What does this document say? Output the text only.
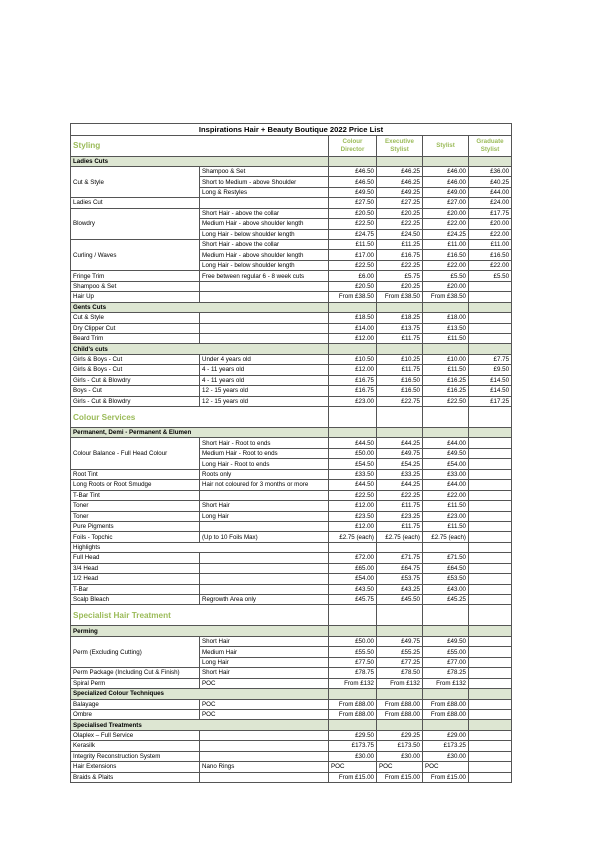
Inspirations Hair + Beauty Boutique 2022 Price List					
Styling		Colour Director	Executive Stylist	Stylist	Graduate Stylist
Ladies Cuts					
Cut & Style	Shampoo & Set	£46.50	£46.25	£46.00	£36.00
	Short to Medium - above Shoulder	£46.50	£46.25	£46.00	£40.25
	Long & Restyles	£49.50	£49.25	£49.00	£44.00
Ladies Cut		£27.50	£27.25	£27.00	£24.00
Blowdry	Short Hair - above the collar	£20.50	£20.25	£20.00	£17.75
	Medium Hair - above shoulder length	£22.50	£22.25	£22.00	£20.00
	Long Hair - below shoulder length	£24.75	£24.50	£24.25	£22.00
Curling / Waves	Short Hair - above the collar	£11.50	£11.25	£11.00	£11.00
	Medium Hair - above shoulder length	£17.00	£16.75	£16.50	£16.50
	Long Hair - below shoulder length	£22.50	£22.25	£22.00	£22.00
Fringe Trim	Free between regular 6 - 8 week cuts	£6.00	£5.75	£5.50	£5.50
Shampoo & Set		£20.50	£20.25	£20.00	
Hair Up		From £38.50	From £38.50	From £38.50	
Gents Cuts					
Cut & Style		£18.50	£18.25	£18.00	
Dry Clipper Cut		£14.00	£13.75	£13.50	
Beard Trim		£12.00	£11.75	£11.50	
Child's cuts					
Girls & Boys - Cut	Under 4 years old	£10.50	£10.25	£10.00	£7.75
Girls & Boys - Cut	4 - 11 years old	£12.00	£11.75	£11.50	£9.50
Girls - Cut & Blowdry	4 - 11 years old	£16.75	£16.50	£16.25	£14.50
Boys - Cut	12 - 15 years old	£16.75	£16.50	£16.25	£14.50
Girls - Cut & Blowdry	12 - 15 years old	£23.00	£22.75	£22.50	£17.25
Colour Services					
Permanent, Demi - Permanent & Elumen					
Colour Balance - Full Head Colour	Short Hair - Root to ends	£44.50	£44.25	£44.00	
	Medium Hair - Root to ends	£50.00	£49.75	£49.50	
	Long Hair - Root to ends	£54.50	£54.25	£54.00	
Root Tint	Roots only	£33.50	£33.25	£33.00	
Long Roots or Root Smudge	Hair not coloured for 3 months or more	£44.50	£44.25	£44.00	
T-Bar Tint		£22.50	£22.25	£22.00	
Toner	Short Hair	£12.00	£11.75	£11.50	
Toner	Long Hair	£23.50	£23.25	£23.00	
Pure Pigments		£12.00	£11.75	£11.50	
Foils - Topchic	(Up to 10 Foils Max)	£2.75 (each)	£2.75 (each)	£2.75 (each)	
Highlights					
Full Head		£72.00	£71.75	£71.50	
3/4 Head		£65.00	£64.75	£64.50	
1/2 Head		£54.00	£53.75	£53.50	
T-Bar		£43.50	£43.25	£43.00	
Scalp Bleach	Regrowth Area only	£45.75	£45.50	£45.25	
Specialist Hair Treatment					
Perming					
Perm (Excluding Cutting)	Short Hair	£50.00	£49.75	£49.50	
	Medium Hair	£55.50	£55.25	£55.00	
	Long Hair	£77.50	£77.25	£77.00	
Perm Package (Including Cut & Finish)	Short Hair	£78.75	£78.50	£78.25	
Spiral Perm	POC	From £132	From £132	From £132	
Specialized Colour Techniques					
Balayage	POC	From £88.00	From £88.00	From £88.00	
Ombre	POC	From £88.00	From £88.00	From £88.00	
Specialised Treatments					
Olaplex – Full Service		£29.50	£29.25	£29.00	
Kerasilk		£173.75	£173.50	£173.25	
Integrity Reconstruction System		£30.00	£30.00	£30.00	
Hair Extensions	Nano Rings	POC	POC	POC	
Braids & Plaits		From £15.00	From £15.00	From £15.00	
